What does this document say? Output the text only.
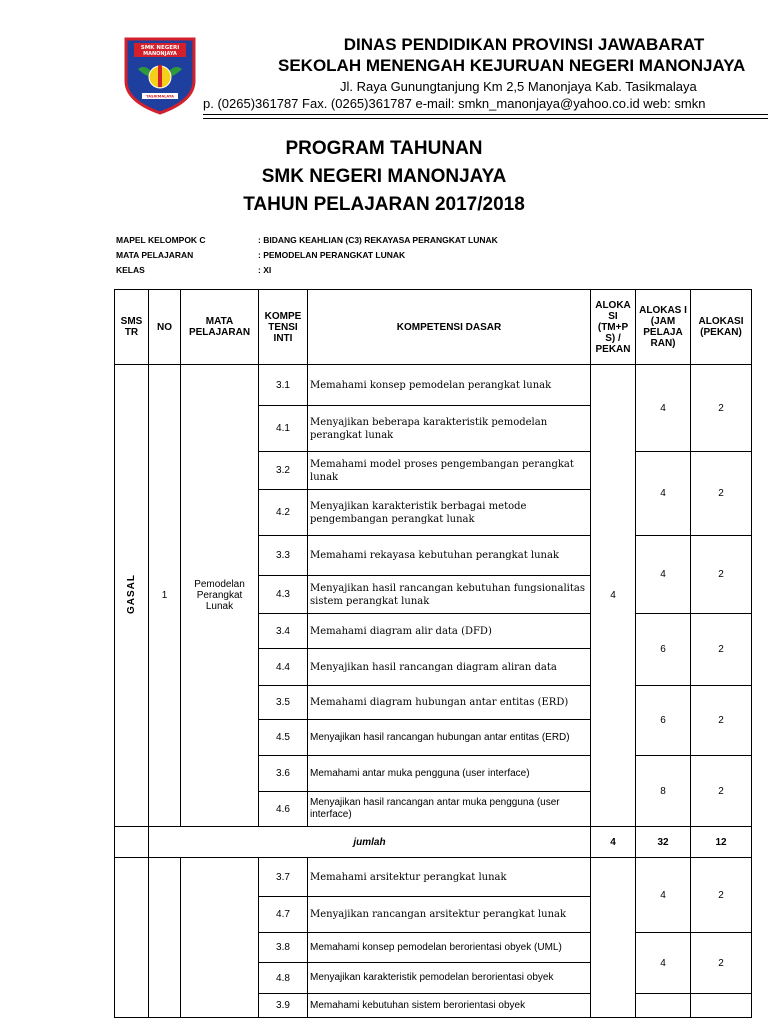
SMK NEGERI
MANONJAYA
TASIKMALAYA
DINAS PENDIDIKAN PROVINSI JAWABARAT
SEKOLAH MENENGAH KEJURUAN NEGERI MANONJAYA
Jl. Raya Gunungtanjung Km 2,5 Manonjaya Kab. Tasikmalaya
p. (0265)361787 Fax. (0265)361787 e-mail: smkn_manonjaya@yahoo.co.id web: smkn
PROGRAM TAHUNAN
SMK NEGERI MANONJAYA
TAHUN PELAJARAN 2017/2018
MAPEL KELOMPOK C	: BIDANG KEAHLIAN (C3) REKAYASA PERANGKAT LUNAK
MATA PELAJARAN	: PEMODELAN PERANGKAT LUNAK
KELAS	: XI
SMS TR	NO	MATA PELAJARAN	KOMPE TENSI INTI	KOMPETENSI DASAR	ALOKA SI (TM+P S) / PEKAN	ALOKAS I (JAM PELAJA RAN)	ALOKASI (PEKAN)
GASAL	1	Pemodelan Perangkat Lunak	3.1	Memahami konsep pemodelan perangkat lunak	4	4	2
			4.1	Menyajikan beberapa karakteristik pemodelan perangkat lunak			
			3.2	Memahami model proses pengembangan perangkat lunak		4	2
			4.2	Menyajikan karakteristik berbagai metode pengembangan perangkat lunak			
			3.3	Memahami rekayasa kebutuhan perangkat lunak		4	2
			4.3	Menyajikan hasil rancangan kebutuhan fungsionalitas sistem perangkat lunak			
			3.4	Memahami diagram alir data (DFD)		6	2
			4.4	Menyajikan hasil rancangan diagram aliran data			
			3.5	Memahami diagram hubungan antar entitas (ERD)		6	2
			4.5	Menyajikan hasil rancangan hubungan antar entitas (ERD)			
			3.6	Memahami antar muka pengguna (user interface)		8	2
			4.6	Menyajikan hasil rancangan antar muka pengguna (user interface)			
	jumlah				4	32	12
			3.7	Memahami arsitektur perangkat lunak		4	2
			4.7	Menyajikan rancangan arsitektur perangkat lunak			
			3.8	Memahami konsep pemodelan berorientasi obyek (UML)		4	2
			4.8	Menyajikan karakteristik pemodelan berorientasi obyek			
			3.9	Memahami kebutuhan sistem berorientasi obyek			
